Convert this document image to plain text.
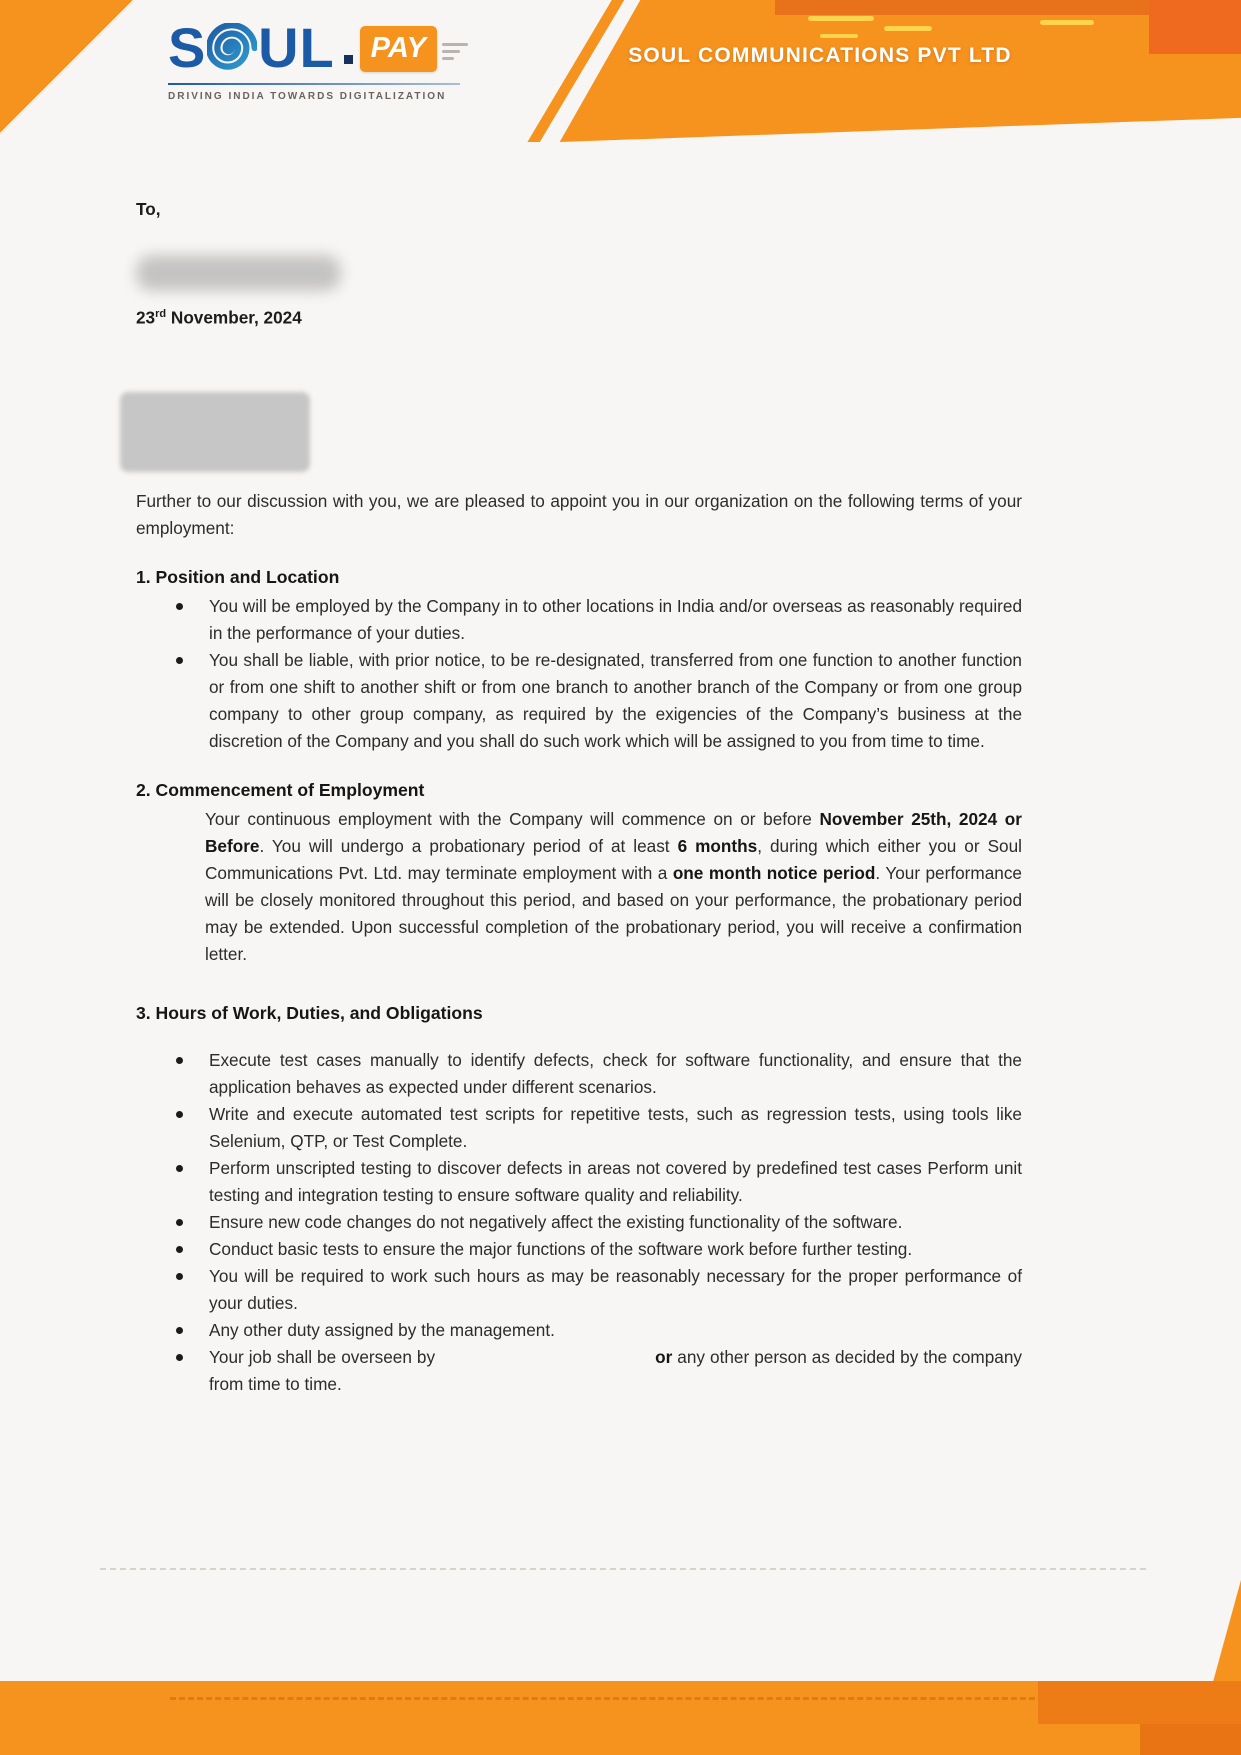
S UL	PAY
DRIVING INDIA TOWARDS DIGITALIZATION
SOUL COMMUNICATIONS PVT LTD
To,
23rd November, 2024

Further to our discussion with you, we are pleased to appoint you in our organization on the following terms of your employment:

1. Position and Location
You will be employed by the Company in to other locations in India and/or overseas as reasonably required in the performance of your duties.
You shall be liable, with prior notice, to be re-designated, transferred from one function to another function or from one shift to another shift or from one branch to another branch of the Company or from one group company to other group company, as required by the exigencies of the Company’s business at the discretion of the Company and you shall do such work which will be assigned to you from time to time.
2. Commencement of Employment

Your continuous employment with the Company will commence on or before November 25th, 2024 or Before. You will undergo a probationary period of at least 6 months, during which either you or Soul Communications Pvt. Ltd. may terminate employment with a one month notice period. Your performance will be closely monitored throughout this period, and based on your performance, the probationary period may be extended. Upon successful completion of the probationary period, you will receive a confirmation letter.

3. Hours of Work, Duties, and Obligations
Execute test cases manually to identify defects, check for software functionality, and ensure that the application behaves as expected under different scenarios.
Write and execute automated test scripts for repetitive tests, such as regression tests, using tools like Selenium, QTP, or Test Complete.
Perform unscripted testing to discover defects in areas not covered by predefined test cases Perform unit testing and integration testing to ensure software quality and reliability.
Ensure new code changes do not negatively affect the existing functionality of the software.
Conduct basic tests to ensure the major functions of the software work before further testing.
You will be required to work such hours as may be reasonably necessary for the proper performance of your duties.
Any other duty assigned by the management.
Your job shall be overseen by	or any other person as decided by the company from time to time.
